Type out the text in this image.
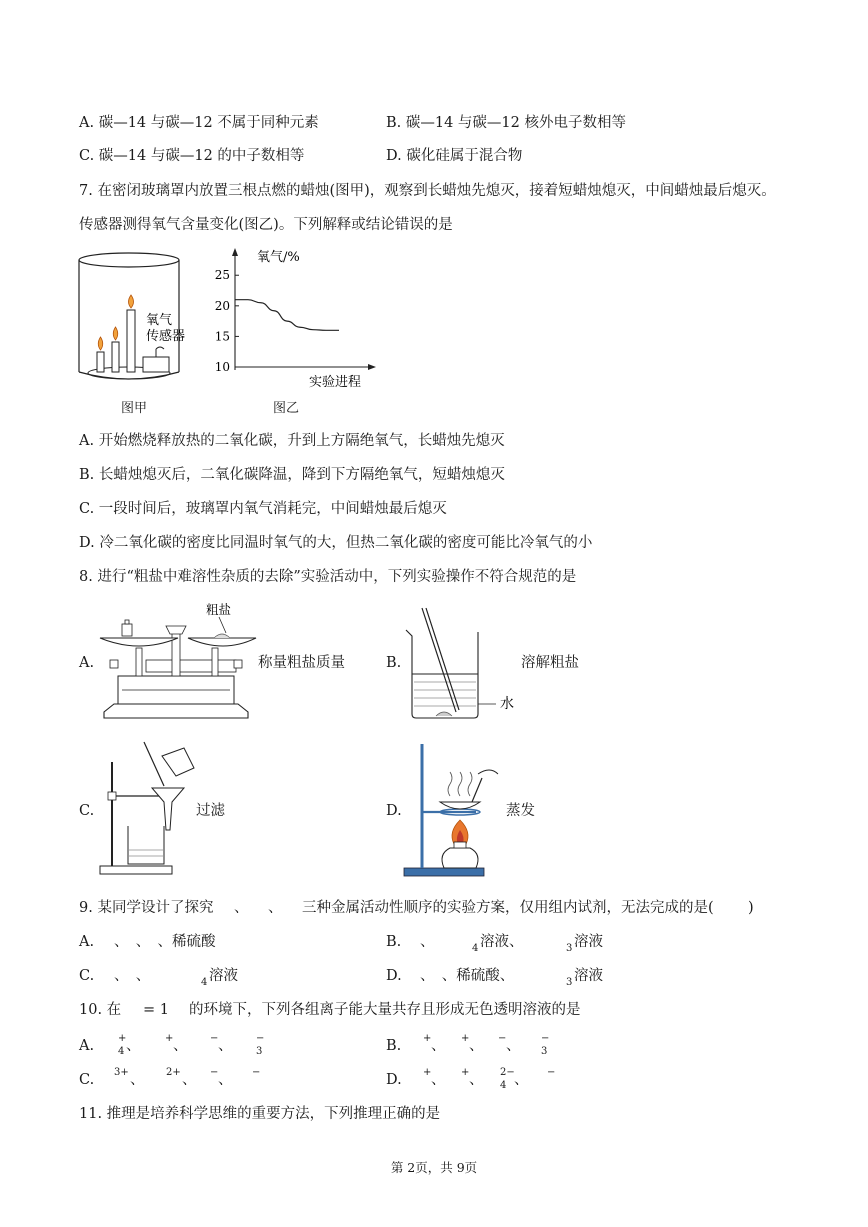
A. 碳—14 与碳—12 不属于同种元素	B. 碳—14 与碳—12 核外电子数相等
C. 碳—14 与碳—12 的中子数相等	D. 碳化硅属于混合物
7. 在密闭玻璃罩内放置三根点燃的蜡烛(图甲)，观察到长蜡烛先熄灭，接着短蜡烛熄灭，中间蜡烛最后熄灭。
传感器测得氧气含量变化(图乙)。下列解释或结论错误的是
氧气
传感器
图甲
10
15
20
25
氧气/%
实验进程
图乙
A. 开始燃烧释放热的二氧化碳，升到上方隔绝氧气，长蜡烛先熄灭
B. 长蜡烛熄灭后，二氧化碳降温，降到下方隔绝氧气，短蜡烛熄灭
C. 一段时间后，玻璃罩内氧气消耗完，中间蜡烛最后熄灭
D. 冷二氧化碳的密度比同温时氧气的大，但热二氧化碳的密度可能比冷氧气的小
8. 进行“粗盐中难溶性杂质的去除”实验活动中，下列实验操作不符合规范的是
A.
粗盐
称量粗盐质量	B.
水
溶解粗盐
C.	过滤	D.	蒸发
9. 某同学设计了探究 、 、 三种金属活动性顺序的实验方案，仅用组内试剂，无法完成的是( )
A. 、　、　、稀硫酸	B. 、	4 溶液、	3 溶液
C. 、　、	4 溶液	D. 、　、稀硫酸、	3 溶液
10. 在 = 1 的环境下，下列各组离子能大量共存且形成无色透明溶液的是
A. +
4 、 + 、 − 、 −
3	B. + 、 + 、 − 、 −
3
C. 3+ 、 2+ 、 − 、 −	D. + 、 + 、 2−
4 、 −
11. 推理是培养科学思维的重要方法，下列推理正确的是
第 2页，共 9页
